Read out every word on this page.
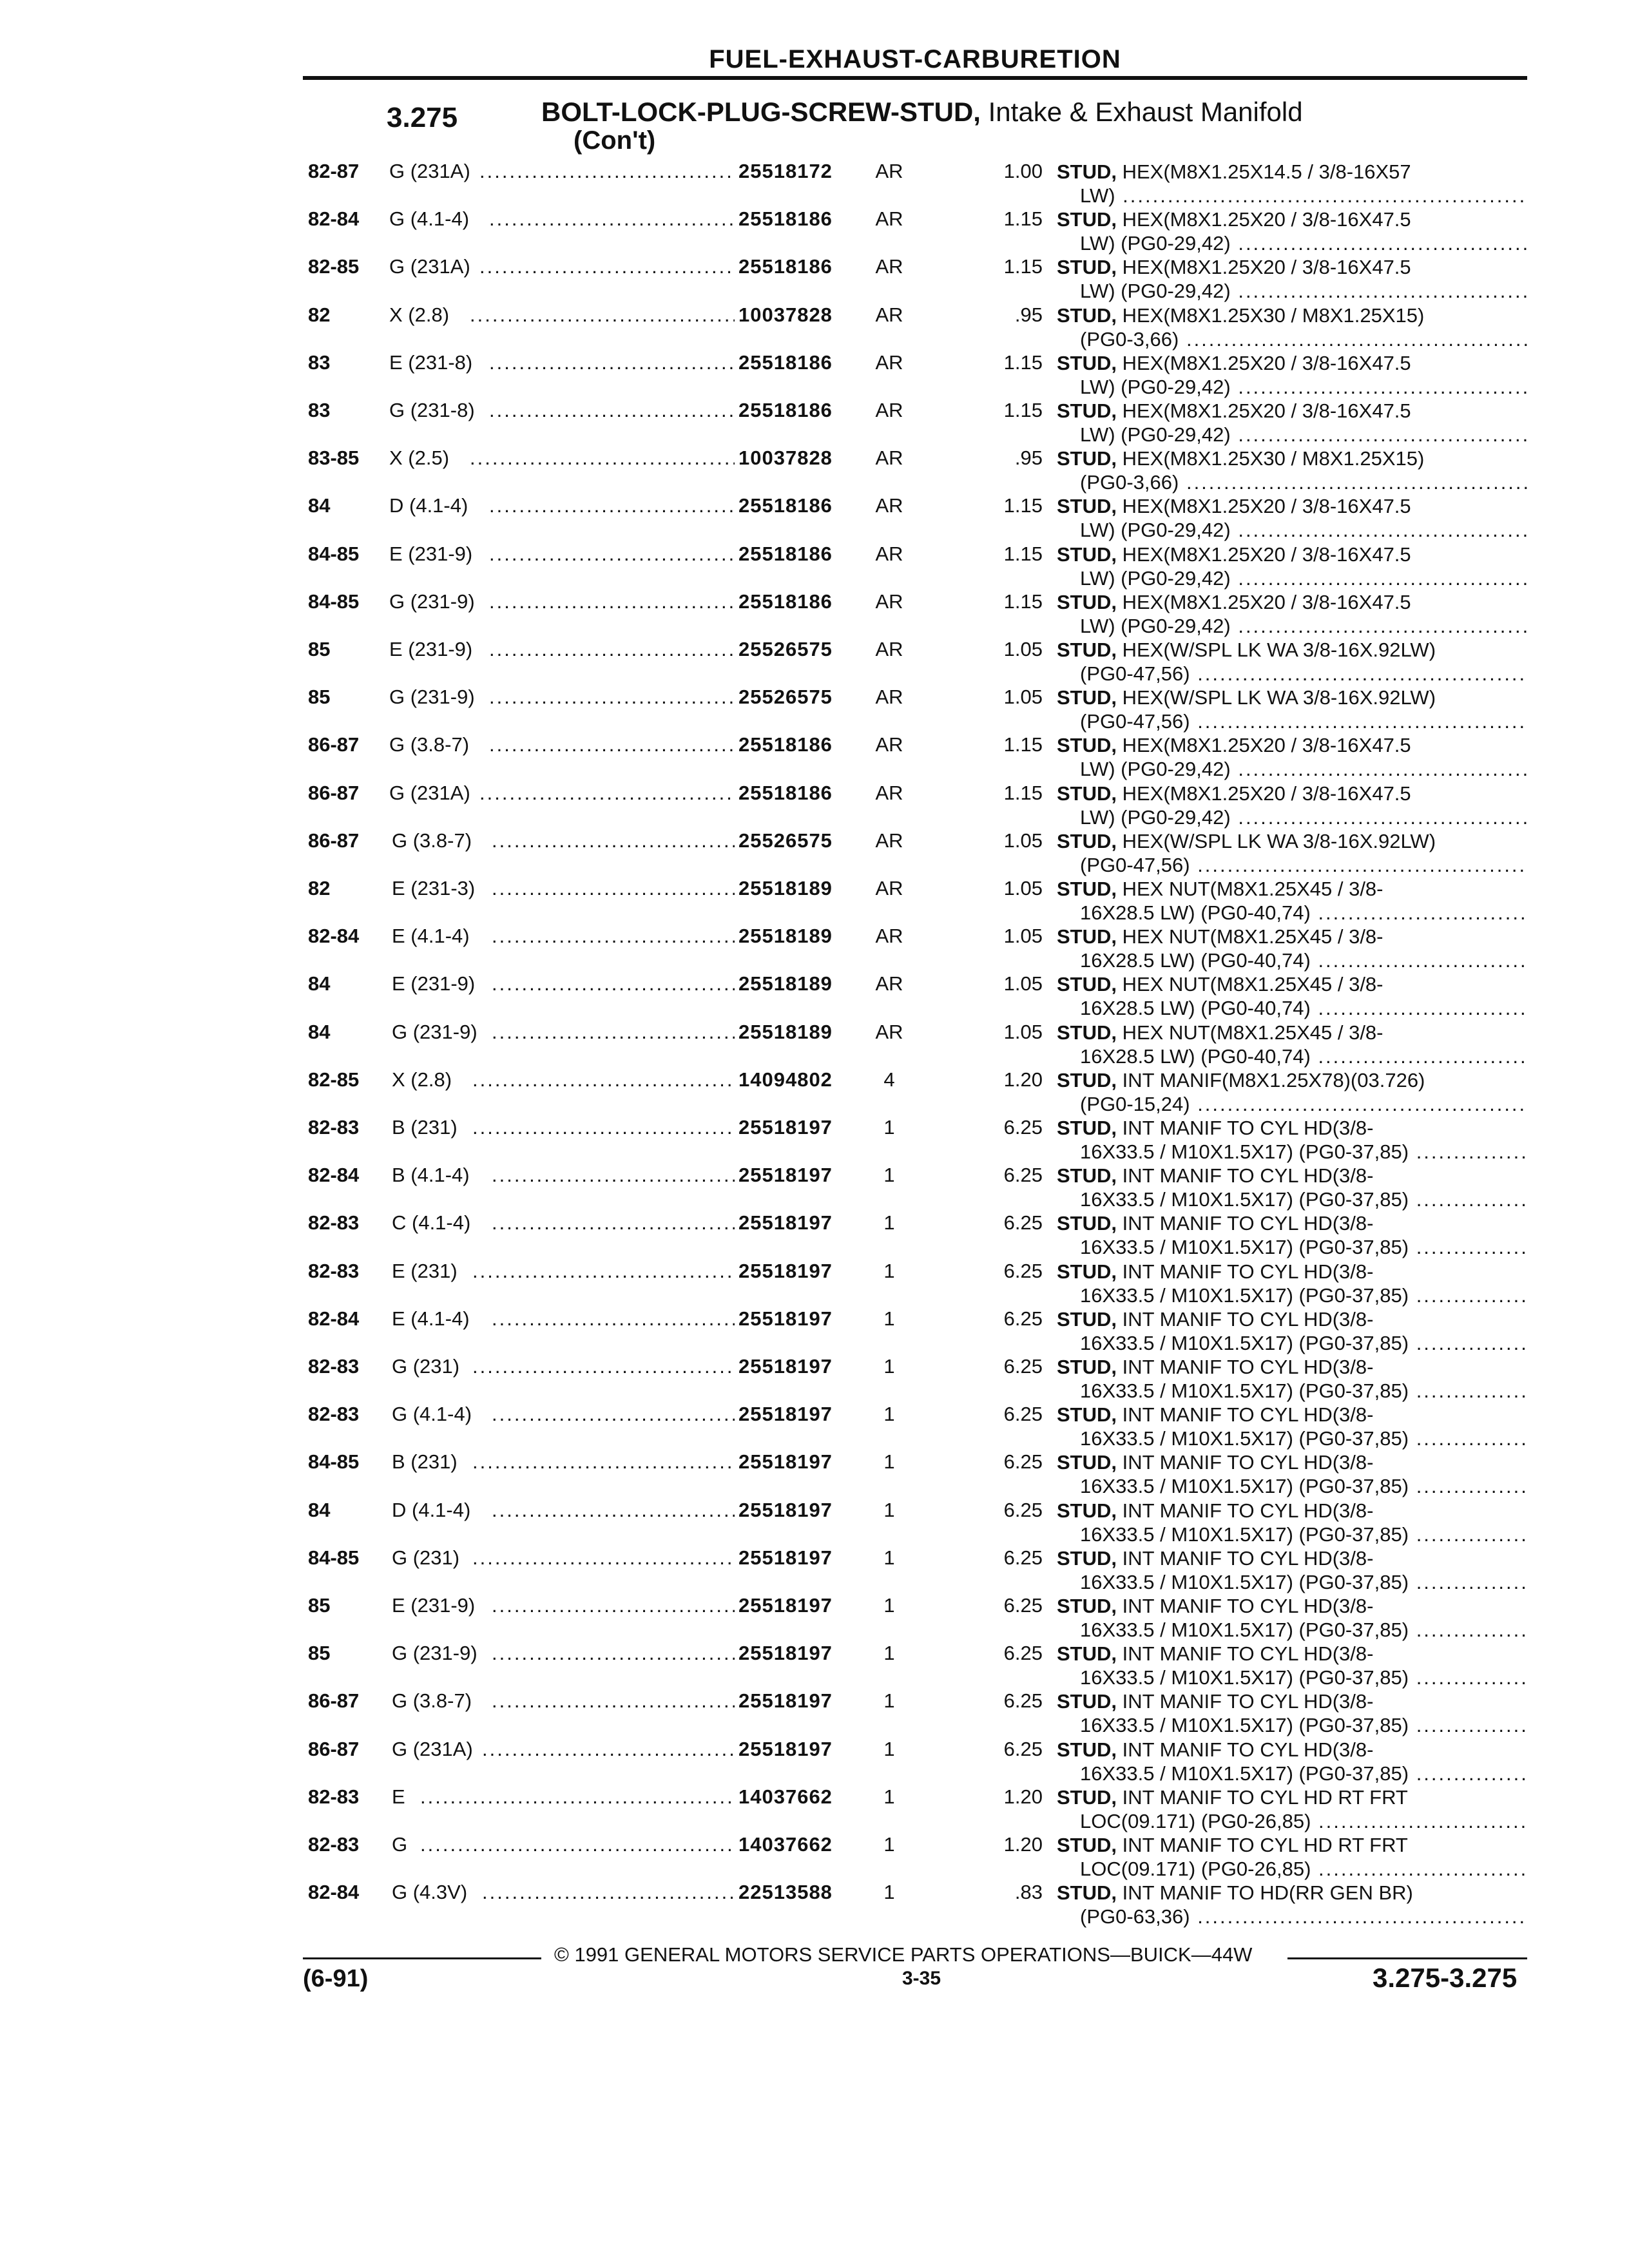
FUEL-EXHAUST-CARBURETION
3.275	BOLT-LOCK-PLUG-SCREW-STUD, Intake & Exhaust Manifold
(Con't)
82-87	G (231A) .....	25518172 AR	1.00 STUD, HEX(M8X1.25X14.5 / 3/8-16X57
LW) .....
82-84	G (4.1-4) .....	25518186 AR	1.15 STUD, HEX(M8X1.25X20 / 3/8-16X47.5
LW) (PG0-29,42) .....
82-85	G (231A) .....	25518186 AR	1.15 STUD, HEX(M8X1.25X20 / 3/8-16X47.5
LW) (PG0-29,42) .....
82	X (2.8) .....	10037828 AR	.95 STUD, HEX(M8X1.25X30 / M8X1.25X15)
(PG0-3,66) .....
83	E (231-8) .....	25518186 AR	1.15 STUD, HEX(M8X1.25X20 / 3/8-16X47.5
LW) (PG0-29,42) .....
83	G (231-8) .....	25518186 AR	1.15 STUD, HEX(M8X1.25X20 / 3/8-16X47.5
LW) (PG0-29,42) .....
83-85	X (2.5) .....	10037828 AR	.95 STUD, HEX(M8X1.25X30 / M8X1.25X15)
(PG0-3,66) .....
84	D (4.1-4) .....	25518186 AR	1.15 STUD, HEX(M8X1.25X20 / 3/8-16X47.5
LW) (PG0-29,42) .....
84-85	E (231-9) .....	25518186 AR	1.15 STUD, HEX(M8X1.25X20 / 3/8-16X47.5
LW) (PG0-29,42) .....
84-85	G (231-9) .....	25518186 AR	1.15 STUD, HEX(M8X1.25X20 / 3/8-16X47.5
LW) (PG0-29,42) .....
85	E (231-9) .....	25526575 AR	1.05 STUD, HEX(W/SPL LK WA 3/8-16X.92LW)
(PG0-47,56) .....
85	G (231-9) .....	25526575 AR	1.05 STUD, HEX(W/SPL LK WA 3/8-16X.92LW)
(PG0-47,56) .....
86-87	G (3.8-7) .....	25518186 AR	1.15 STUD, HEX(M8X1.25X20 / 3/8-16X47.5
LW) (PG0-29,42) .....
86-87	G (231A) .....	25518186 AR	1.15 STUD, HEX(M8X1.25X20 / 3/8-16X47.5
LW) (PG0-29,42) .....
86-87	G (3.8-7) .....	25526575 AR	1.05 STUD, HEX(W/SPL LK WA 3/8-16X.92LW)
(PG0-47,56) .....
82	E (231-3) .....	25518189 AR	1.05 STUD, HEX NUT(M8X1.25X45 / 3/8-
16X28.5 LW) (PG0-40,74) .....
82-84	E (4.1-4) .....	25518189 AR	1.05 STUD, HEX NUT(M8X1.25X45 / 3/8-
16X28.5 LW) (PG0-40,74) .....
84	E (231-9) .....	25518189 AR	1.05 STUD, HEX NUT(M8X1.25X45 / 3/8-
16X28.5 LW) (PG0-40,74) .....
84	G (231-9) .....	25518189 AR	1.05 STUD, HEX NUT(M8X1.25X45 / 3/8-
16X28.5 LW) (PG0-40,74) .....
82-85	X (2.8) .....	14094802	4	1.20 STUD, INT MANIF(M8X1.25X78)(03.726)
(PG0-15,24) .....
82-83	B (231) .....	25518197	1	6.25 STUD, INT MANIF TO CYL HD(3/8-
16X33.5 / M10X1.5X17) (PG0-37,85) .....
82-84	B (4.1-4) .....	25518197	1	6.25 STUD, INT MANIF TO CYL HD(3/8-
16X33.5 / M10X1.5X17) (PG0-37,85) .....
82-83	C (4.1-4) .....	25518197	1	6.25 STUD, INT MANIF TO CYL HD(3/8-
16X33.5 / M10X1.5X17) (PG0-37,85) .....
82-83	E (231) .....	25518197	1	6.25 STUD, INT MANIF TO CYL HD(3/8-
16X33.5 / M10X1.5X17) (PG0-37,85) .....
82-84	E (4.1-4) .....	25518197	1	6.25 STUD, INT MANIF TO CYL HD(3/8-
16X33.5 / M10X1.5X17) (PG0-37,85) .....
82-83	G (231) .....	25518197	1	6.25 STUD, INT MANIF TO CYL HD(3/8-
16X33.5 / M10X1.5X17) (PG0-37,85) .....
82-83	G (4.1-4) .....	25518197	1	6.25 STUD, INT MANIF TO CYL HD(3/8-
16X33.5 / M10X1.5X17) (PG0-37,85) .....
84-85	B (231) .....	25518197	1	6.25 STUD, INT MANIF TO CYL HD(3/8-
16X33.5 / M10X1.5X17) (PG0-37,85) .....
84	D (4.1-4) .....	25518197	1	6.25 STUD, INT MANIF TO CYL HD(3/8-
16X33.5 / M10X1.5X17) (PG0-37,85) .....
84-85	G (231) .....	25518197	1	6.25 STUD, INT MANIF TO CYL HD(3/8-
16X33.5 / M10X1.5X17) (PG0-37,85) .....
85	E (231-9) .....	25518197	1	6.25 STUD, INT MANIF TO CYL HD(3/8-
16X33.5 / M10X1.5X17) (PG0-37,85) .....
85	G (231-9) .....	25518197	1	6.25 STUD, INT MANIF TO CYL HD(3/8-
16X33.5 / M10X1.5X17) (PG0-37,85) .....
86-87	G (3.8-7) .....	25518197	1	6.25 STUD, INT MANIF TO CYL HD(3/8-
16X33.5 / M10X1.5X17) (PG0-37,85) .....
86-87	G (231A) .....	25518197	1	6.25 STUD, INT MANIF TO CYL HD(3/8-
16X33.5 / M10X1.5X17) (PG0-37,85) .....
82-83	E .....	14037662	1	1.20 STUD, INT MANIF TO CYL HD RT FRT
LOC(09.171) (PG0-26,85) .....
82-83	G .....	14037662	1	1.20 STUD, INT MANIF TO CYL HD RT FRT
LOC(09.171) (PG0-26,85) .....
82-84	G (4.3V) .....	22513588	1	.83 STUD, INT MANIF TO HD(RR GEN BR)
(PG0-63,36) .....
© 1991 GENERAL MOTORS SERVICE PARTS OPERATIONS—BUICK—44W
(6-91)	3-35	3.275-3.275
